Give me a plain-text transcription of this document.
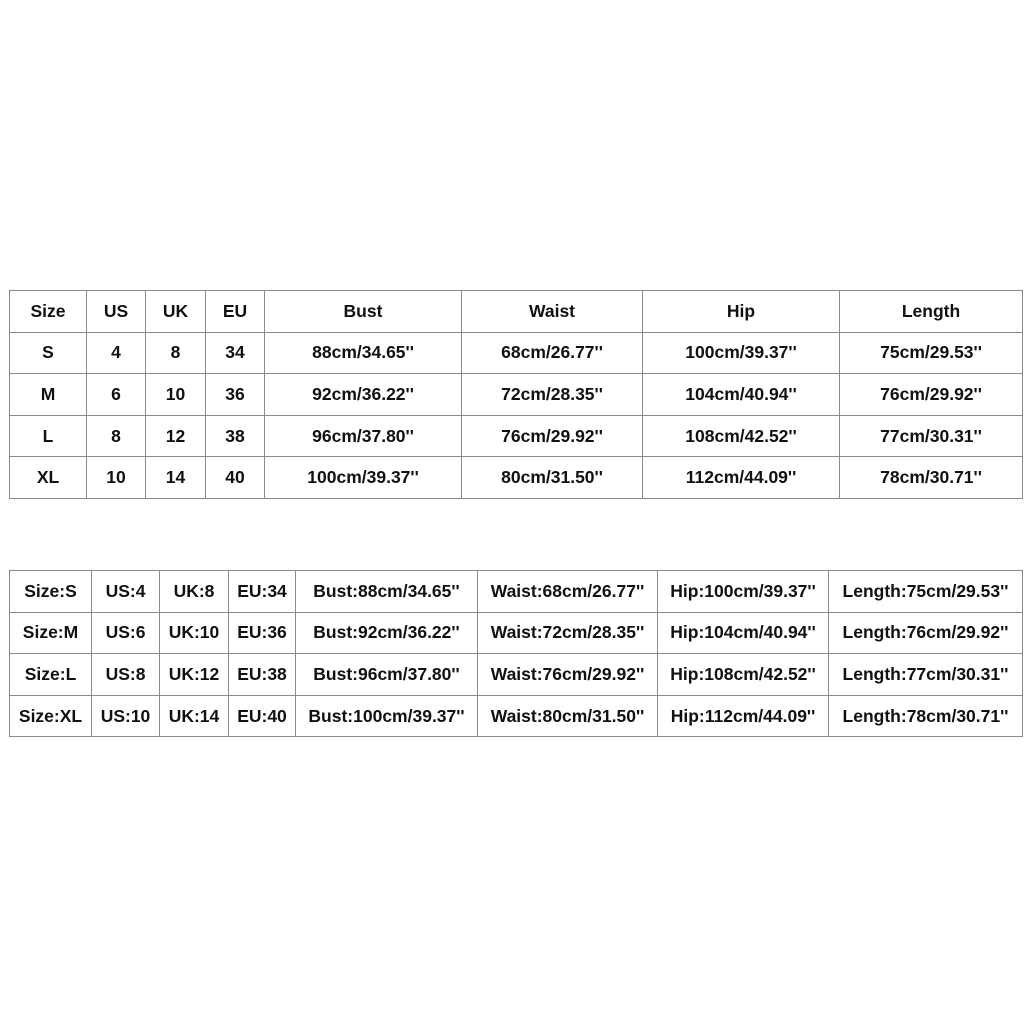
Size	US	UK	EU	Bust	Waist	Hip	Length
S	4	8	34	88cm/34.65''	68cm/26.77''	100cm/39.37''	75cm/29.53''
M	6	10	36	92cm/36.22''	72cm/28.35''	104cm/40.94''	76cm/29.92''
L	8	12	38	96cm/37.80''	76cm/29.92''	108cm/42.52''	77cm/30.31''
XL	10	14	40	100cm/39.37''	80cm/31.50''	112cm/44.09''	78cm/30.71''
Size:S	US:4	UK:8	EU:34	Bust:88cm/34.65''	Waist:68cm/26.77''	Hip:100cm/39.37''	Length:75cm/29.53''
Size:M	US:6	UK:10	EU:36	Bust:92cm/36.22''	Waist:72cm/28.35''	Hip:104cm/40.94''	Length:76cm/29.92''
Size:L	US:8	UK:12	EU:38	Bust:96cm/37.80''	Waist:76cm/29.92''	Hip:108cm/42.52''	Length:77cm/30.31''
Size:XL	US:10	UK:14	EU:40	Bust:100cm/39.37''	Waist:80cm/31.50''	Hip:112cm/44.09''	Length:78cm/30.71''
